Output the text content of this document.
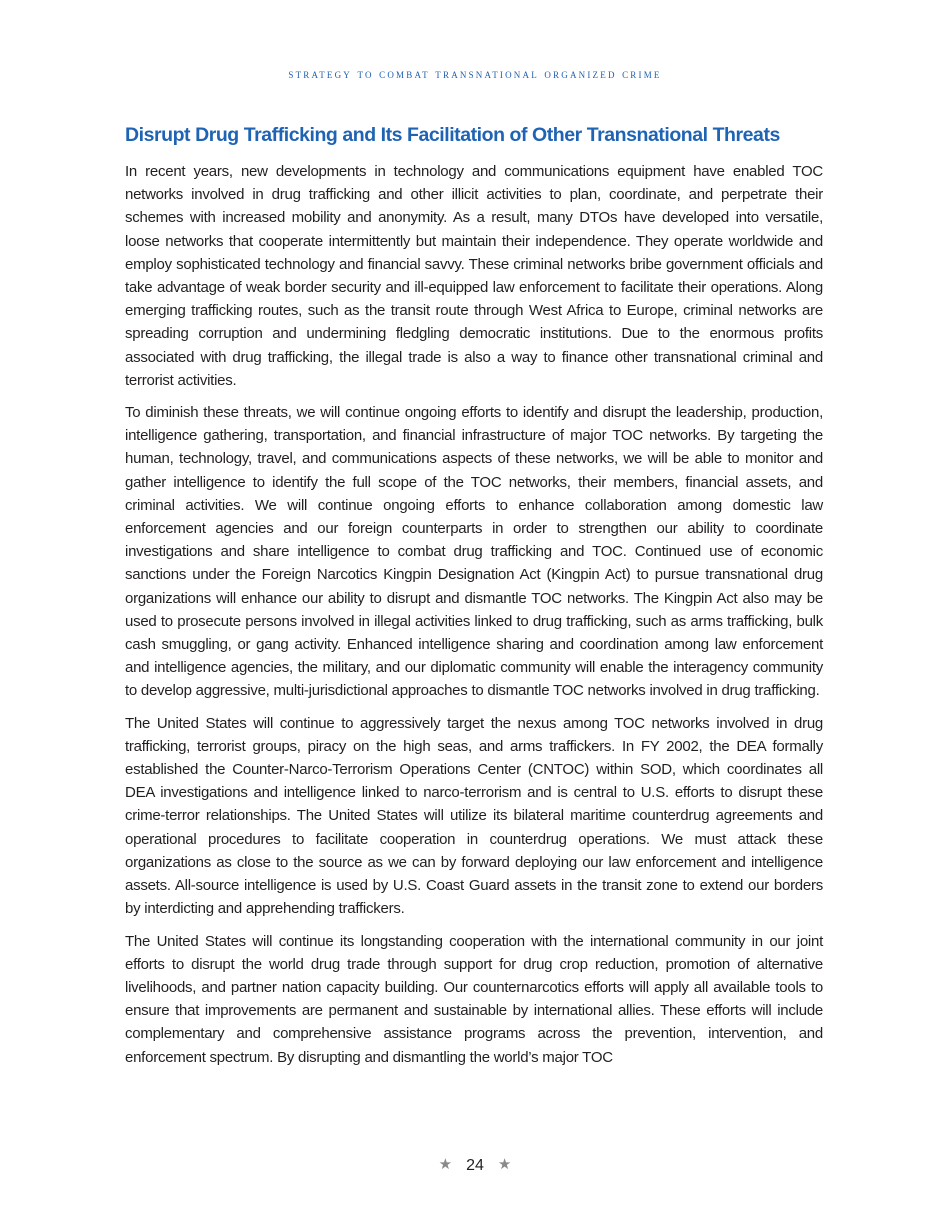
strategy to combat transnational organized crime
Disrupt Drug Trafficking and Its Facilitation of Other Transnational Threats

In recent years, new developments in technology and communications equipment have enabled TOC networks involved in drug trafficking and other illicit activities to plan, coordinate, and perpetrate their schemes with increased mobility and anonymity. As a result, many DTOs have developed into versatile, loose networks that cooperate intermittently but maintain their independence. They operate worldwide and employ sophisticated technology and financial savvy. These criminal networks bribe government officials and take advantage of weak border security and ill-equipped law enforcement to facilitate their operations. Along emerging trafficking routes, such as the transit route through West Africa to Europe, criminal networks are spreading corruption and undermining fledgling democratic institutions. Due to the enormous profits associated with drug trafficking, the illegal trade is also a way to finance other transnational criminal and terrorist activities.

To diminish these threats, we will continue ongoing efforts to identify and disrupt the leadership, production, intelligence gathering, transportation, and financial infrastructure of major TOC networks. By targeting the human, technology, travel, and communications aspects of these networks, we will be able to monitor and gather intelligence to identify the full scope of the TOC networks, their members, financial assets, and criminal activities. We will continue ongoing efforts to enhance collaboration among domestic law enforcement agencies and our foreign counterparts in order to strengthen our ability to coordinate investigations and share intelligence to combat drug trafficking and TOC. Continued use of economic sanctions under the Foreign Narcotics Kingpin Designation Act (Kingpin Act) to pursue transnational drug organizations will enhance our ability to disrupt and dismantle TOC networks. The Kingpin Act also may be used to prosecute persons involved in illegal activities linked to drug trafficking, such as arms trafficking, bulk cash smuggling, or gang activity. Enhanced intelligence sharing and coordination among law enforcement and intelligence agencies, the military, and our diplomatic community will enable the interagency community to develop aggressive, multi-jurisdictional approaches to dismantle TOC networks involved in drug trafficking.

The United States will continue to aggressively target the nexus among TOC networks involved in drug trafficking, terrorist groups, piracy on the high seas, and arms traffickers. In FY 2002, the DEA formally established the Counter-Narco-Terrorism Operations Center (CNTOC) within SOD, which coordinates all DEA investigations and intelligence linked to narco-terrorism and is central to U.S. efforts to disrupt these crime-terror relationships. The United States will utilize its bilateral maritime counterdrug agreements and operational procedures to facilitate cooperation in counterdrug operations. We must attack these organizations as close to the source as we can by forward deploying our law enforcement and intelligence assets. All-source intelligence is used by U.S. Coast Guard assets in the transit zone to extend our borders by interdicting and apprehending traffickers.

The United States will continue its longstanding cooperation with the international community in our joint efforts to disrupt the world drug trade through support for drug crop reduction, promotion of alternative livelihoods, and partner nation capacity building. Our counternarcotics efforts will apply all available tools to ensure that improvements are permanent and sustainable by international allies. These efforts will include complementary and comprehensive assistance programs across the prevention, intervention, and enforcement spectrum. By disrupting and dismantling the world’s major TOC

★ 24 ★
